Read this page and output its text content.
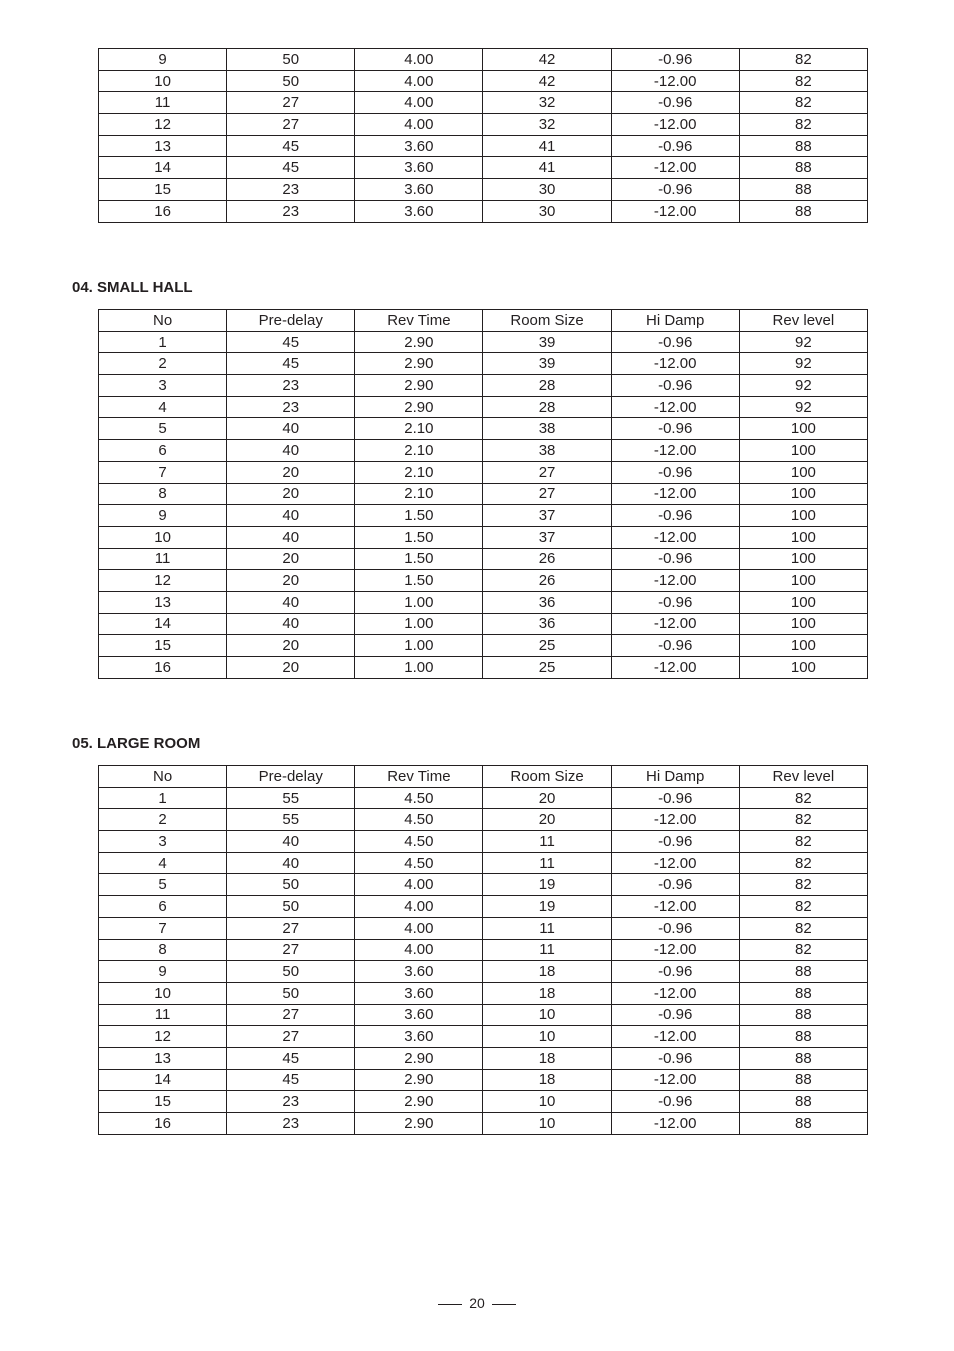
9	50	4.00	42	-0.96	82
10	50	4.00	42	-12.00	82
11	27	4.00	32	-0.96	82
12	27	4.00	32	-12.00	82
13	45	3.60	41	-0.96	88
14	45	3.60	41	-12.00	88
15	23	3.60	30	-0.96	88
16	23	3.60	30	-12.00	88
04. SMALL HALL
No	Pre-delay	Rev Time	Room Size	Hi Damp	Rev level
1	45	2.90	39	-0.96	92
2	45	2.90	39	-12.00	92
3	23	2.90	28	-0.96	92
4	23	2.90	28	-12.00	92
5	40	2.10	38	-0.96	100
6	40	2.10	38	-12.00	100
7	20	2.10	27	-0.96	100
8	20	2.10	27	-12.00	100
9	40	1.50	37	-0.96	100
10	40	1.50	37	-12.00	100
11	20	1.50	26	-0.96	100
12	20	1.50	26	-12.00	100
13	40	1.00	36	-0.96	100
14	40	1.00	36	-12.00	100
15	20	1.00	25	-0.96	100
16	20	1.00	25	-12.00	100
05. LARGE ROOM
No	Pre-delay	Rev Time	Room Size	Hi Damp	Rev level
1	55	4.50	20	-0.96	82
2	55	4.50	20	-12.00	82
3	40	4.50	11	-0.96	82
4	40	4.50	11	-12.00	82
5	50	4.00	19	-0.96	82
6	50	4.00	19	-12.00	82
7	27	4.00	11	-0.96	82
8	27	4.00	11	-12.00	82
9	50	3.60	18	-0.96	88
10	50	3.60	18	-12.00	88
11	27	3.60	10	-0.96	88
12	27	3.60	10	-12.00	88
13	45	2.90	18	-0.96	88
14	45	2.90	18	-12.00	88
15	23	2.90	10	-0.96	88
16	23	2.90	10	-12.00	88
20
